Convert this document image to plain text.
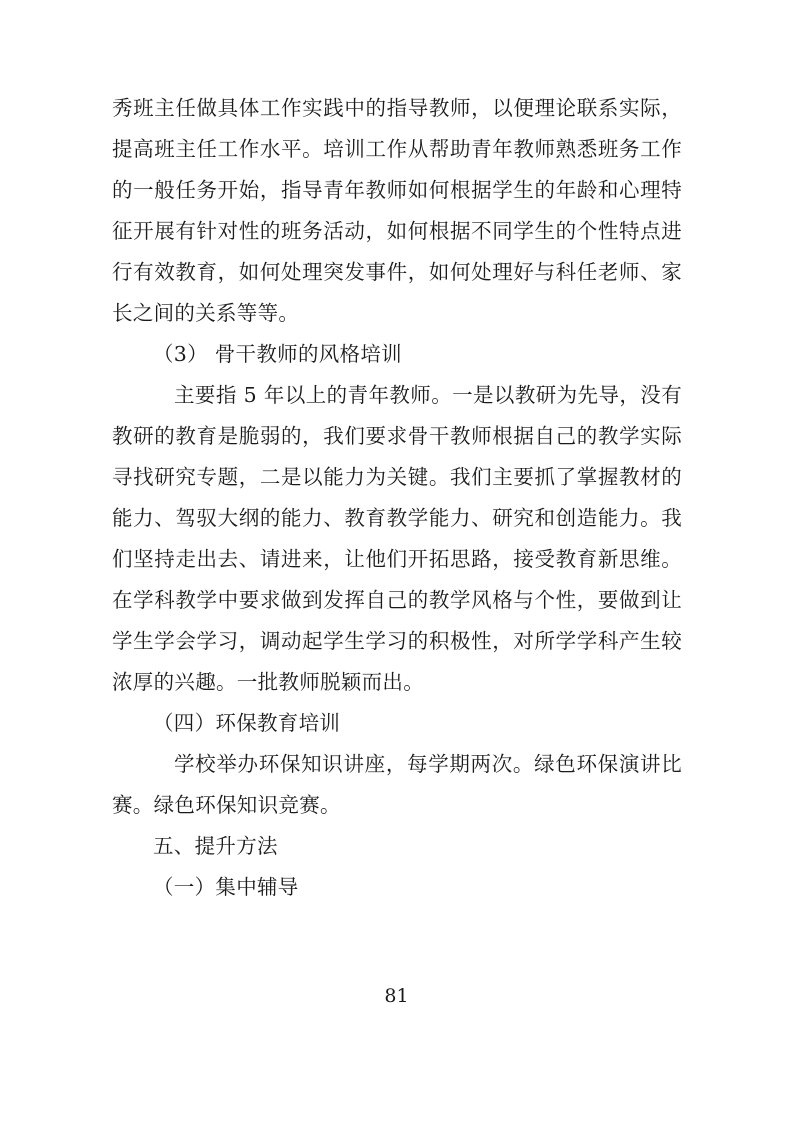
秀班主任做具体工作实践中的指导教师，以便理论联系实际，提高班主任工作水平。培训工作从帮助青年教师熟悉班务工作的一般任务开始，指导青年教师如何根据学生的年龄和心理特征开展有针对性的班务活动，如何根据不同学生的个性特点进行有效教育，如何处理突发事件，如何处理好与科任老师、家长之间的关系等等。

（3） 骨干教师的风格培训

主要指 5 年以上的青年教师。一是以教研为先导，没有教研的教育是脆弱的，我们要求骨干教师根据自己的教学实际寻找研究专题，二是以能力为关键。我们主要抓了掌握教材的能力、驾驭大纲的能力、教育教学能力、研究和创造能力。我们坚持走出去、请进来，让他们开拓思路，接受教育新思维。在学科教学中要求做到发挥自己的教学风格与个性，要做到让学生学会学习，调动起学生学习的积极性，对所学学科产生较浓厚的兴趣。一批教师脱颖而出。

（四）环保教育培训

学校举办环保知识讲座，每学期两次。绿色环保演讲比赛。绿色环保知识竞赛。

五、提升方法

（一）集中辅导

81
